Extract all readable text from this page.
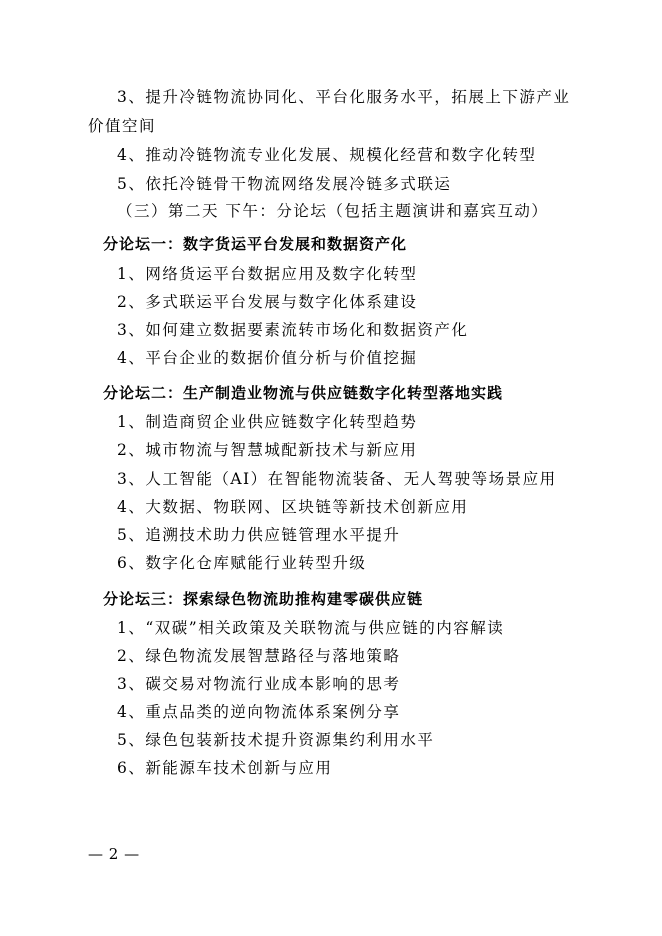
3、提升冷链物流协同化、平台化服务水平，拓展上下游产业
价值空间
4、推动冷链物流专业化发展、规模化经营和数字化转型
5、依托冷链骨干物流网络发展冷链多式联运
（三）第二天 下午：分论坛（包括主题演讲和嘉宾互动）
分论坛一：数字货运平台发展和数据资产化
1、网络货运平台数据应用及数字化转型
2、多式联运平台发展与数字化体系建设
3、如何建立数据要素流转市场化和数据资产化
4、平台企业的数据价值分析与价值挖掘
分论坛二：生产制造业物流与供应链数字化转型落地实践
1、制造商贸企业供应链数字化转型趋势
2、城市物流与智慧城配新技术与新应用
3、人工智能（AI）在智能物流装备、无人驾驶等场景应用
4、大数据、物联网、区块链等新技术创新应用
5、追溯技术助力供应链管理水平提升
6、数字化仓库赋能行业转型升级
分论坛三：探索绿色物流助推构建零碳供应链
1、“双碳”相关政策及关联物流与供应链的内容解读
2、绿色物流发展智慧路径与落地策略
3、碳交易对物流行业成本影响的思考
4、重点品类的逆向物流体系案例分享
5、绿色包装新技术提升资源集约利用水平
6、新能源车技术创新与应用
— 2 —
